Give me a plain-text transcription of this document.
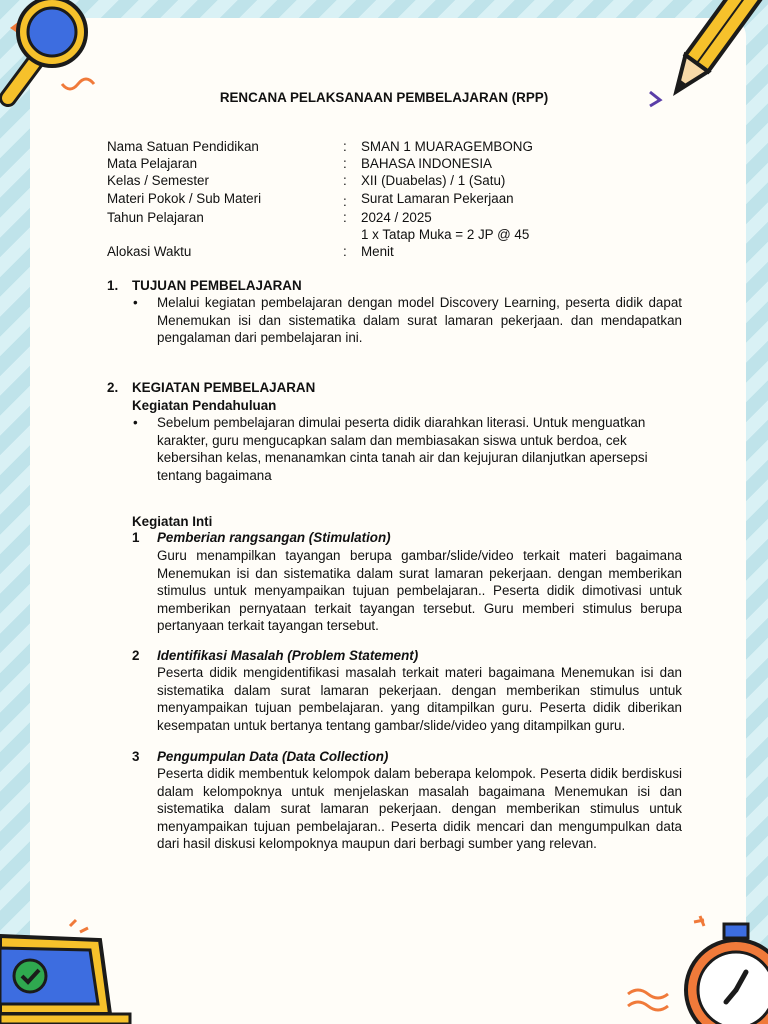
RENCANA PELAKSANAAN PEMBELAJARAN (RPP)
Nama Satuan Pendidikan	: SMAN 1 MUARAGEMBONG
Mata Pelajaran	: BAHASA INDONESIA
Kelas / Semester	: XII (Duabelas) / 1 (Satu)
Materi Pokok / Sub Materi	: Surat Lamaran Pekerjaan
Tahun Pelajaran	: 2024 / 2025
1 x Tatap Muka = 2 JP @ 45
Alokasi Waktu	: Menit
1. TUJUAN PEMBELAJARAN
• Melalui kegiatan pembelajaran dengan model Discovery Learning, peserta didik dapat Menemukan isi dan sistematika dalam surat lamaran pekerjaan. dan mendapatkan pengalaman dari pembelajaran ini.
2. KEGIATAN PEMBELAJARAN
Kegiatan Pendahuluan
• Sebelum pembelajaran dimulai peserta didik diarahkan literasi. Untuk menguatkan karakter, guru mengucapkan salam dan membiasakan siswa untuk berdoa, cek kebersihan kelas, menanamkan cinta tanah air dan kejujuran dilanjutkan apersepsi tentang bagaimana
Kegiatan Inti
1 Pemberian rangsangan (Stimulation)
Guru menampilkan tayangan berupa gambar/slide/video terkait materi bagaimana Menemukan isi dan sistematika dalam surat lamaran pekerjaan. dengan memberikan stimulus untuk menyampaikan tujuan pembelajaran.. Peserta didik dimotivasi untuk memberikan pernyataan terkait tayangan tersebut. Guru memberi stimulus berupa pertanyaan terkait tayangan tersebut.
2 Identifikasi Masalah (Problem Statement)
Peserta didik mengidentifikasi masalah terkait materi bagaimana Menemukan isi dan sistematika dalam surat lamaran pekerjaan. dengan memberikan stimulus untuk menyampaikan tujuan pembelajaran. yang ditampilkan guru. Peserta didik diberikan kesempatan untuk bertanya tentang gambar/slide/video yang ditampilkan guru.
3 Pengumpulan Data (Data Collection)
Peserta didik membentuk kelompok dalam beberapa kelompok. Peserta didik berdiskusi dalam kelompoknya untuk menjelaskan masalah bagaimana Menemukan isi dan sistematika dalam surat lamaran pekerjaan. dengan memberikan stimulus untuk menyampaikan tujuan pembelajaran.. Peserta didik mencari dan mengumpulkan data dari hasil diskusi kelompoknya maupun dari berbagi sumber yang relevan.
